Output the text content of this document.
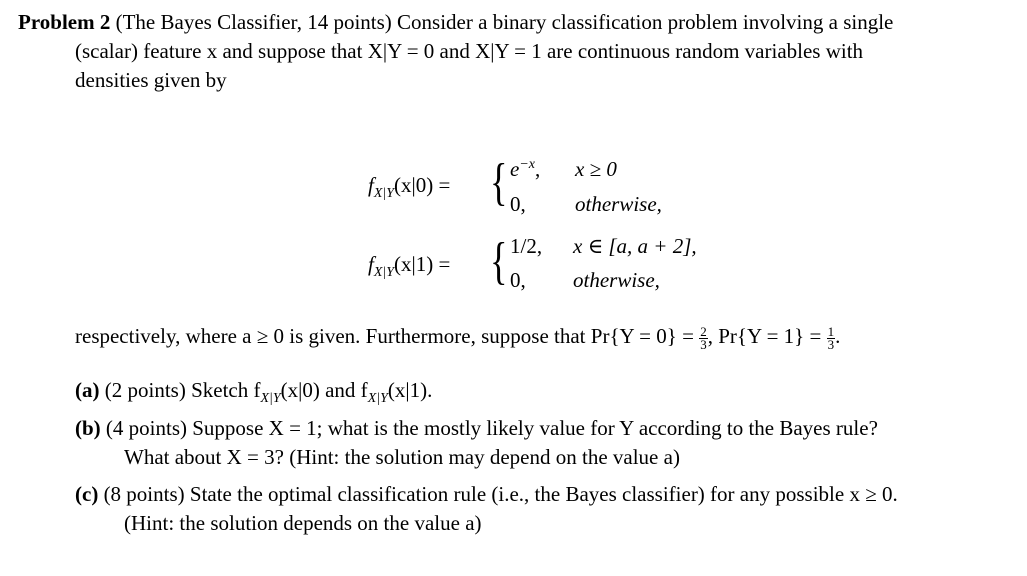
Problem 2 (The Bayes Classifier, 14 points) Consider a binary classification problem involving a single
(scalar) feature x and suppose that X|Y = 0 and X|Y = 1 are continuous random variables with
densities given by
$f_{X|Y}(x|0)$ = { $e^{-x}$, x ≥ 0
0, otherwise,
$f_{X|Y}(x|1)$ = { 1/2, x ∈ [a, a + 2],
0, otherwise,
respectively, where a ≥ 0 is given. Furthermore, suppose that $Pr\{Y = 0\} = \frac{2}{3}$ , $Pr\{Y = 1\} = \frac{1}{3}$ .
(a) (2 points) Sketch $f_{X|Y}(x|0)$ and $f_{X|Y}(x|1)$.
(b) (4 points) Suppose X = 1; what is the mostly likely value for Y according to the Bayes rule?
What about X = 3? (Hint: the solution may depend on the value a)
(c) (8 points) State the optimal classification rule (i.e., the Bayes classifier) for any possible x ≥ 0.
(Hint: the solution depends on the value a)
